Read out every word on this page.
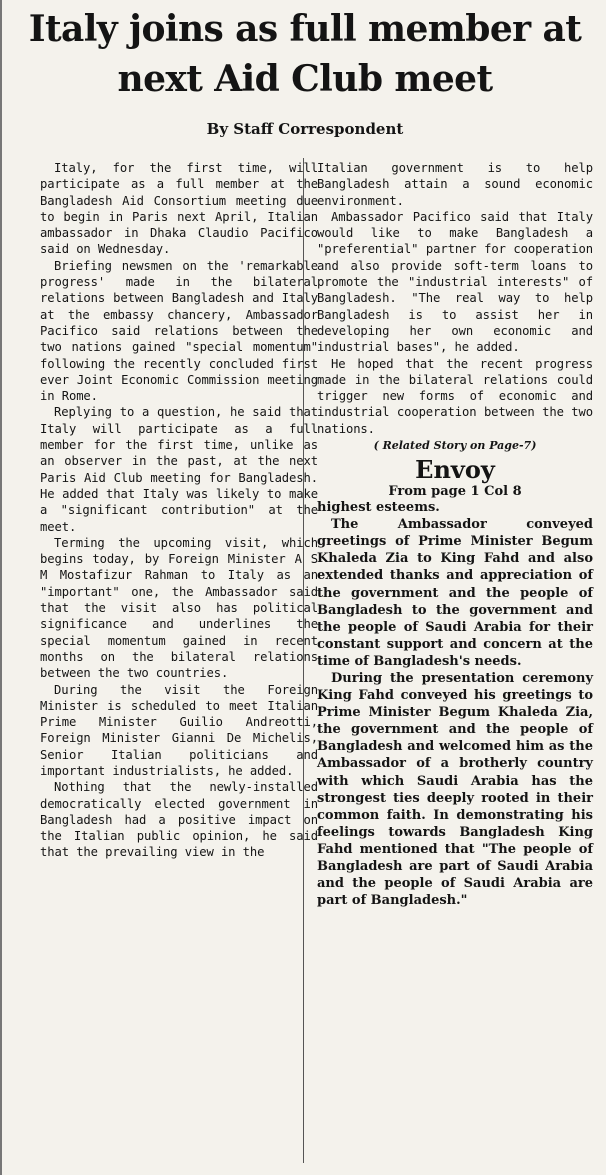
Italy joins as full member at next Aid Club meet

By Staff Correspondent

Italy, for the first time, will participate as a full member at the Bangladesh Aid Consortium meeting due to begin in Paris next April, Italian ambassador in Dhaka Claudio Pacifico said on Wednesday.

Briefing newsmen on the 'remarkable progress' made in the bilateral relations between Bangladesh and Italy at the embassy chancery, Ambassador Pacifico said relations between the two nations gained "special momentum" following the recently concluded first ever Joint Economic Commission meeting in Rome.

Replying to a question, he said that Italy will participate as a full member for the first time, unlike as an observer in the past, at the next Paris Aid Club meeting for Bangladesh. He added that Italy was likely to make a "significant contribution" at the meet.

Terming the upcoming visit, which begins today, by Foreign Minister A S M Mostafizur Rahman to Italy as an "important" one, the Ambassador said that the visit also has political significance and underlines the special momentum gained in recent months on the bilateral relations between the two countries.

During the visit the Foreign Minister is scheduled to meet Italian Prime Minister Guilio Andreotti, Foreign Minister Gianni De Michelis, Senior Italian politicians and important industrialists, he added.

Nothing that the newly-installed democratically elected government in Bangladesh had a positive impact on the Italian public opinion, he said that the prevailing view in the

Italian government is to help Bangladesh attain a sound economic environment.

Ambassador Pacifico said that Italy would like to make Bangladesh a "preferential" partner for cooperation and also provide soft-term loans to promote the "industrial interests" of Bangladesh. "The real way to help Bangladesh is to assist her in developing her own economic and industrial bases", he added.

He hoped that the recent progress made in the bilateral relations could trigger new forms of economic and industrial cooperation between the two nations.

( Related Story on Page-7)

Envoy

From page 1 Col 8

highest esteems.

The Ambassador conveyed greetings of Prime Minister Begum Khaleda Zia to King Fahd and also extended thanks and appreciation of the government and the people of Bangladesh to the government and the people of Saudi Arabia for their constant support and concern at the time of Bangladesh's needs.

During the presentation ceremony King Fahd conveyed his greetings to Prime Minister Begum Khaleda Zia, the government and the people of Bangladesh and welcomed him as the Ambassador of a brotherly country with which Saudi Arabia has the strongest ties deeply rooted in their common faith. In demonstrating his feelings towards Bangladesh King Fahd mentioned that "The people of Bangladesh are part of Saudi Arabia and the people of Saudi Arabia are part of Bangladesh."
